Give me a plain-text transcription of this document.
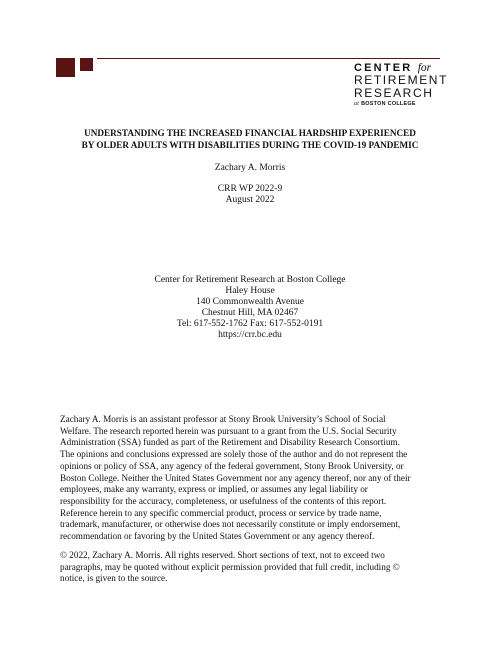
CENTER for
RETIREMENT
RESEARCH
at BOSTON COLLEGE
UNDERSTANDING THE INCREASED FINANCIAL HARDSHIP EXPERIENCED
BY OLDER ADULTS WITH DISABILITIES DURING THE COVID-19 PANDEMIC
Zachary A. Morris
CRR WP 2022-9
August 2022
Center for Retirement Research at Boston College
Haley House
140 Commonwealth Avenue
Chestnut Hill, MA 02467
Tel: 617-552-1762 Fax: 617-552-0191
https://crr.bc.edu
Zachary A. Morris is an assistant professor at Stony Brook University’s School of Social
Welfare. The research reported herein was pursuant to a grant from the U.S. Social Security
Administration (SSA) funded as part of the Retirement and Disability Research Consortium.
The opinions and conclusions expressed are solely those of the author and do not represent the
opinions or policy of SSA, any agency of the federal government, Stony Brook University, or
Boston College. Neither the United States Government nor any agency thereof, nor any of their
employees, make any warranty, express or implied, or assumes any legal liability or
responsibility for the accuracy, completeness, or usefulness of the contents of this report.
Reference herein to any specific commercial product, process or service by trade name,
trademark, manufacturer, or otherwise does not necessarily constitute or imply endorsement,
recommendation or favoring by the United States Government or any agency thereof.
© 2022, Zachary A. Morris. All rights reserved. Short sections of text, not to exceed two
paragraphs, may be quoted without explicit permission provided that full credit, including ©
notice, is given to the source.
